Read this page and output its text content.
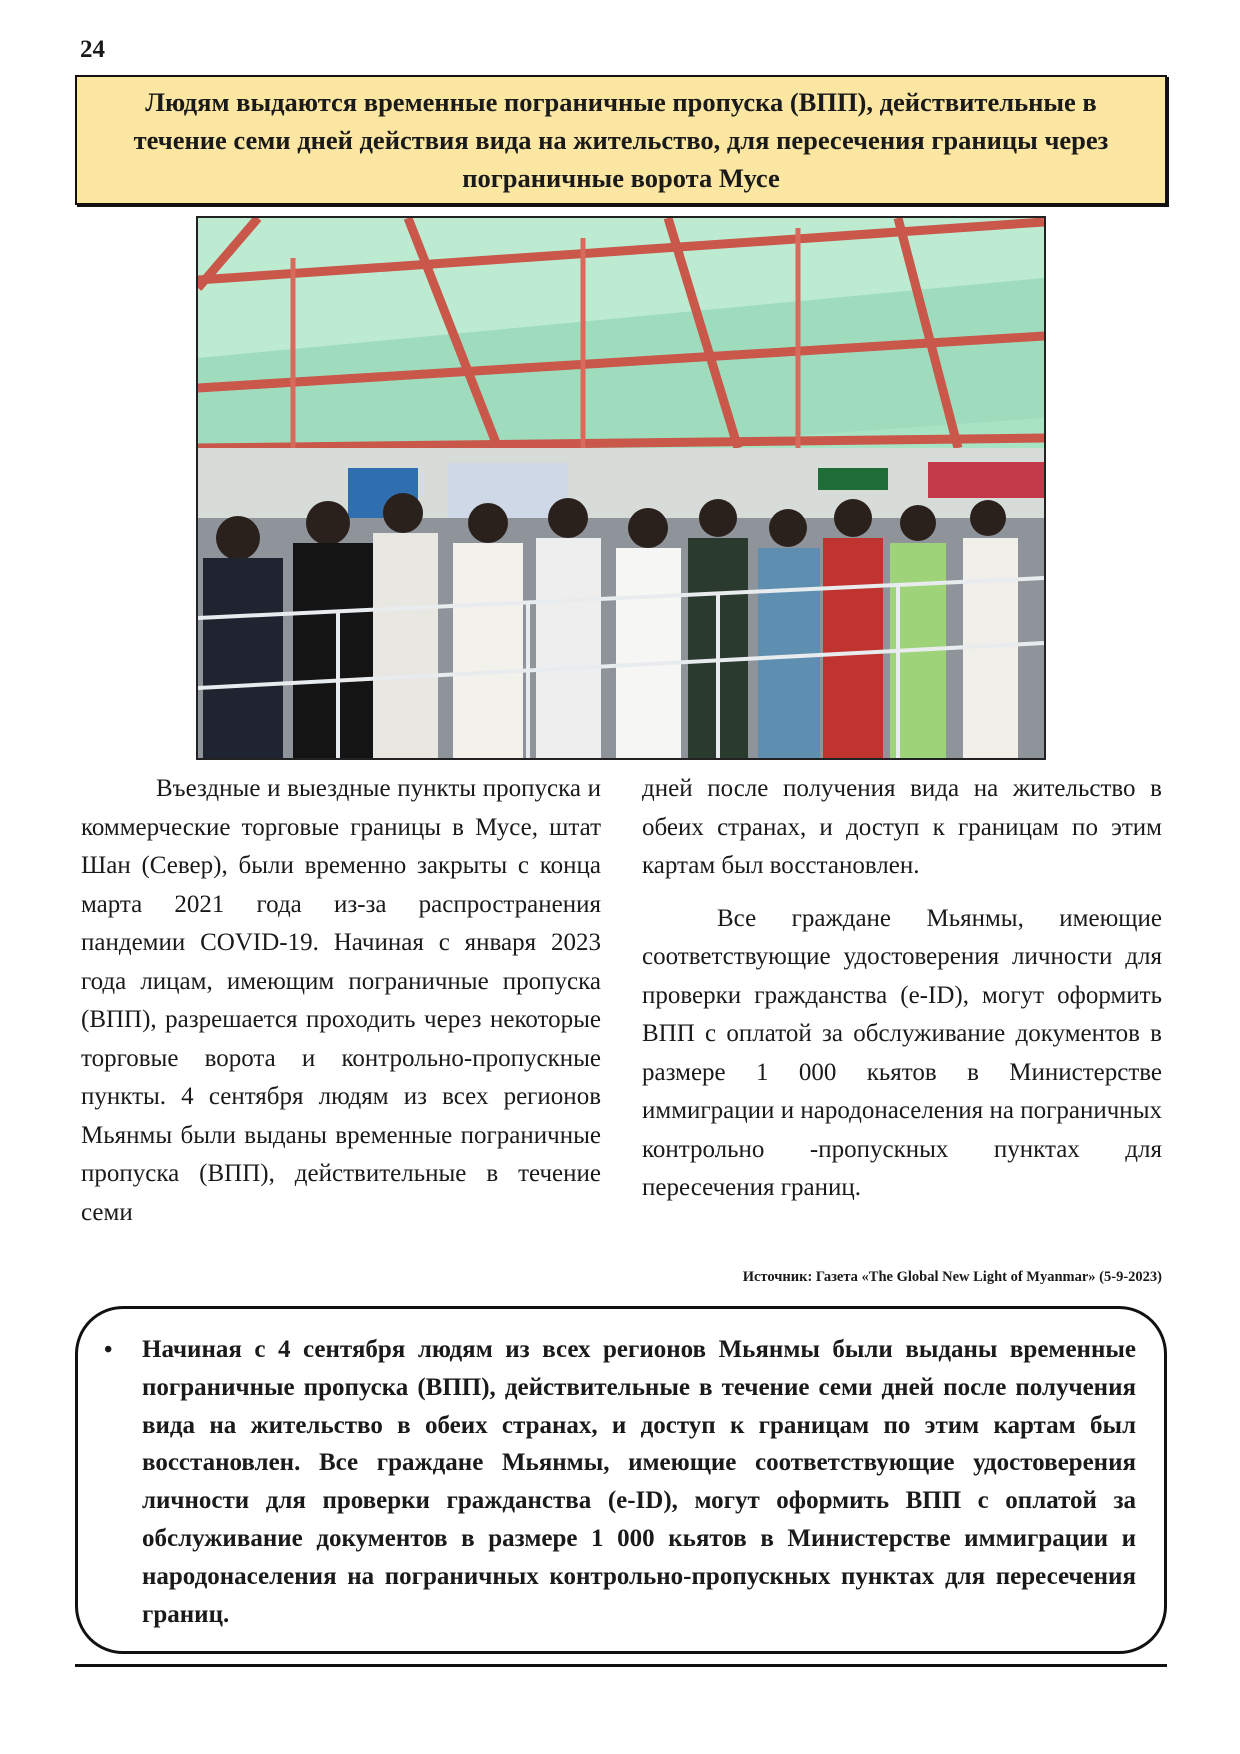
24

Людям выдаются временные пограничные пропуска (ВПП), действительные в течение семи дней действия вида на жительство, для пересечения границы через пограничные ворота Мусе

Въездные и выездные пункты пропуска и коммерческие торговые границы в Мусе, штат Шан (Север), были временно закрыты с конца марта 2021 года из-за распространения пандемии COVID-19. Начиная с января 2023 года лицам, имеющим пограничные пропуска (ВПП), разрешается проходить через некоторые торговые ворота и контрольно-пропускные пункты. 4 сентября людям из всех регионов Мьянмы были выданы временные пограничные пропуска (ВПП), действительные в течение семи

дней после получения вида на жительство в обеих странах, и доступ к границам по этим картам был восстановлен.

Все граждане Мьянмы, имеющие соответствующие удостоверения личности для проверки гражданства (e-ID), могут оформить ВПП с оплатой за обслуживание документов в размере 1 000 кьятов в Министерстве иммиграции и народонаселения на пограничных контрольно -пропускных пунктах для пересечения границ.

Источник: Газета «The Global New Light of Myanmar» (5-9-2023)
•	Начиная с 4 сентября людям из всех регионов Мьянмы были выданы временные пограничные пропуска (ВПП), действительные в течение семи дней после получения вида на жительство в обеих странах, и доступ к границам по этим картам был восстановлен. Все граждане Мьянмы, имеющие соответствующие удостоверения личности для проверки гражданства (e-ID), могут оформить ВПП с оплатой за обслуживание документов в размере 1 000 кьятов в Министерстве иммиграции и народонаселения на пограничных контрольно-пропускных пунктах для пересечения границ.
